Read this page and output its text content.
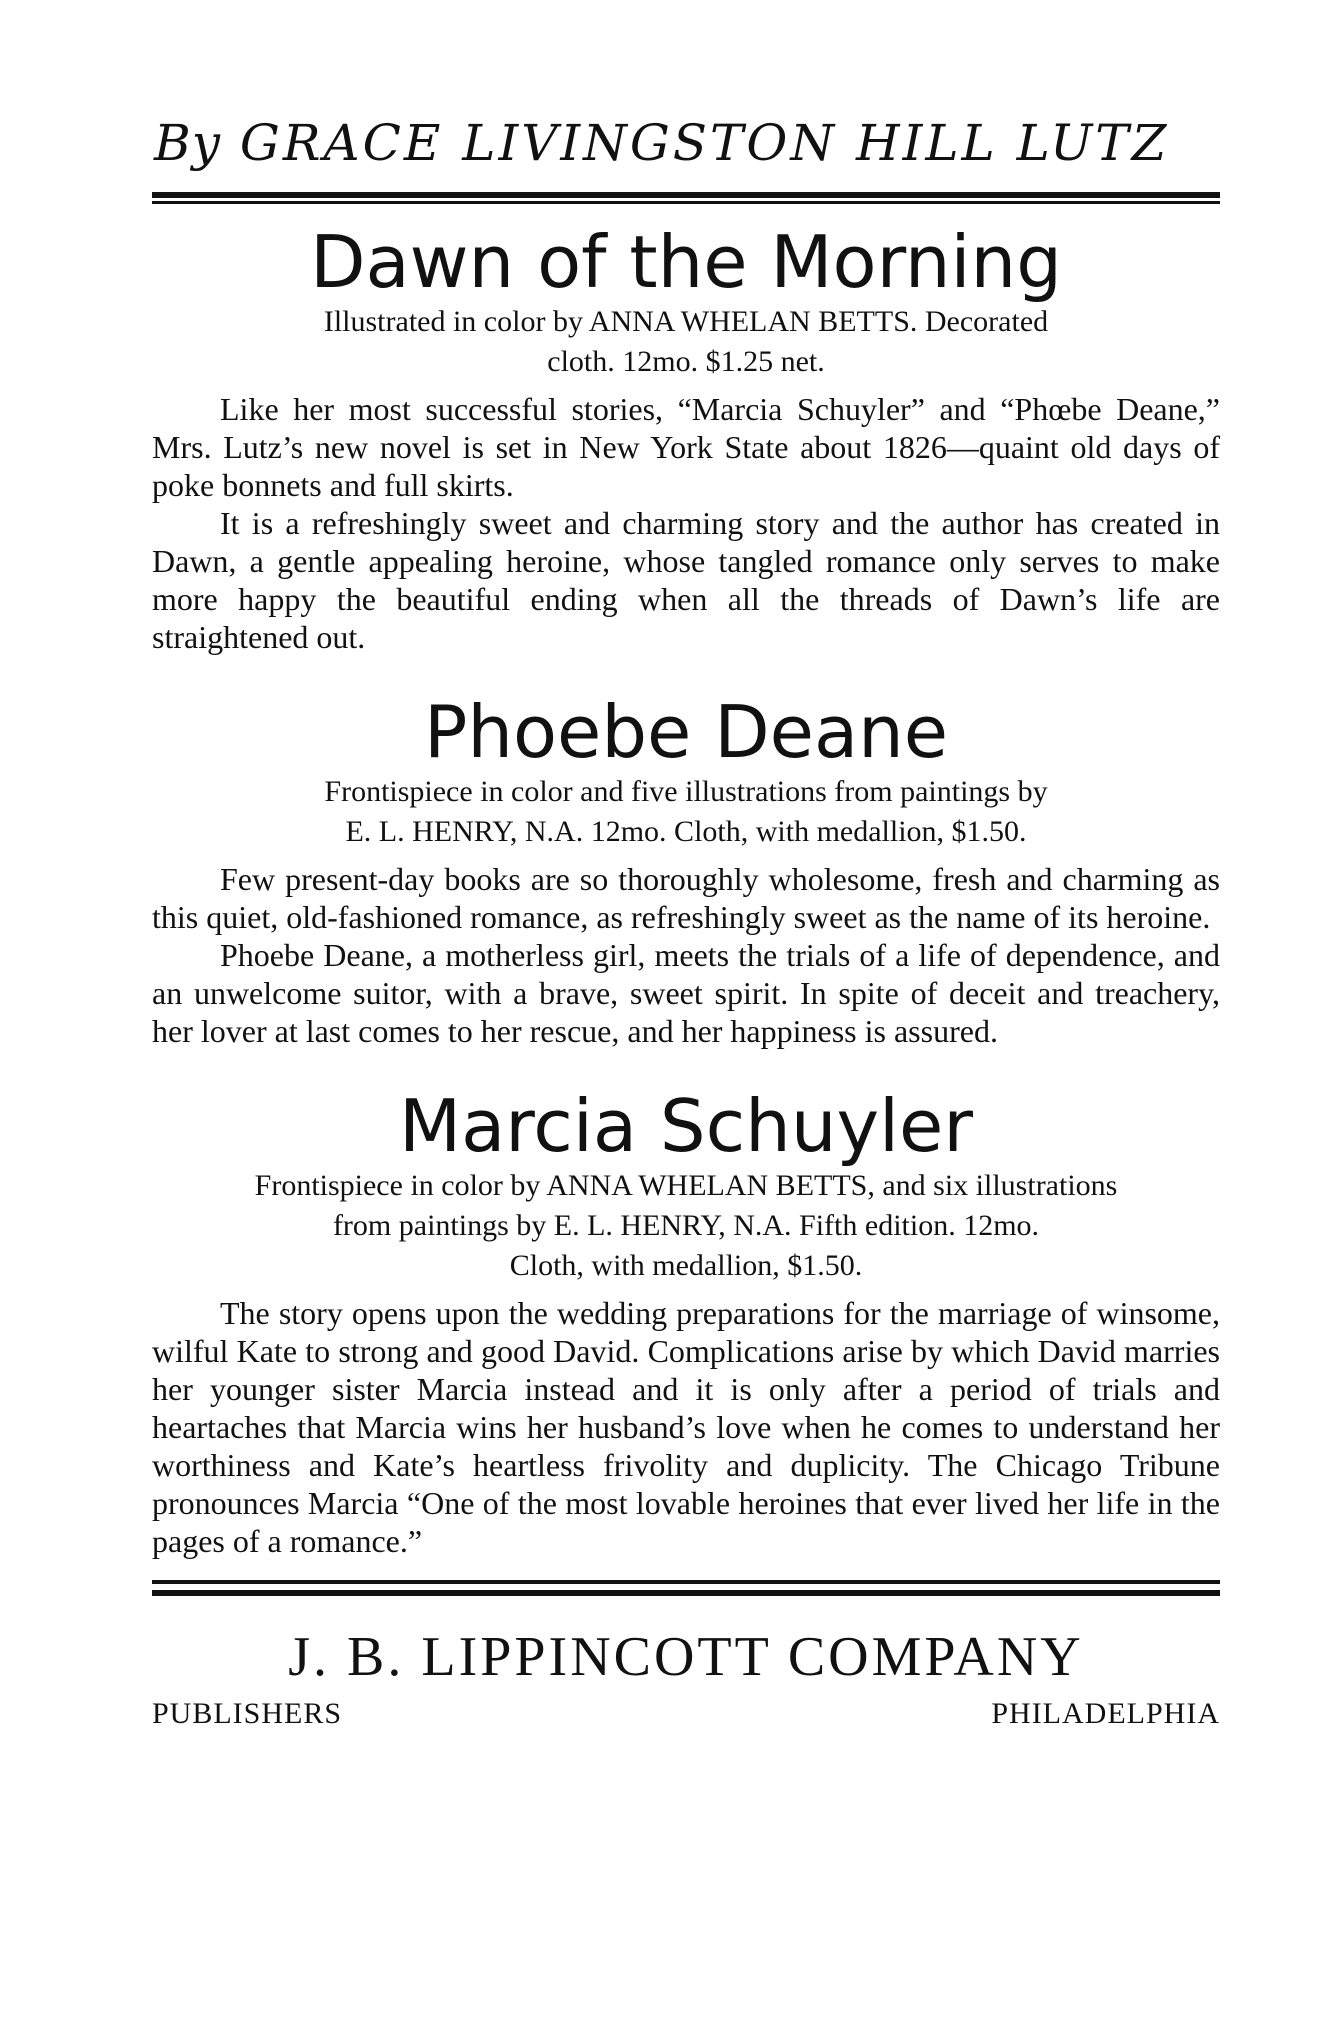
By GRACE LIVINGSTON HILL LUTZ
Dawn of the Morning
Illustrated in color by ANNA WHELAN BETTS. Decorated
cloth. 12mo. $1.25 net.

Like her most successful stories, “Marcia Schuyler” and “Phœbe Deane,” Mrs. Lutz’s new novel is set in New York State about 1826—quaint old days of poke bonnets and full skirts.

It is a refreshingly sweet and charming story and the author has created in Dawn, a gentle appealing heroine, whose tangled romance only serves to make more happy the beautiful ending when all the threads of Dawn’s life are straightened out.

Phoebe Deane
Frontispiece in color and five illustrations from paintings by
E. L. HENRY, N.A. 12mo. Cloth, with medallion, $1.50.

Few present-day books are so thoroughly wholesome, fresh and charming as this quiet, old-fashioned romance, as refreshingly sweet as the name of its heroine.

Phoebe Deane, a motherless girl, meets the trials of a life of dependence, and an unwelcome suitor, with a brave, sweet spirit. In spite of deceit and treachery, her lover at last comes to her rescue, and her happiness is assured.

Marcia Schuyler
Frontispiece in color by ANNA WHELAN BETTS, and six illustrations
from paintings by E. L. HENRY, N.A. Fifth edition. 12mo.
Cloth, with medallion, $1.50.

The story opens upon the wedding preparations for the marriage of winsome, wilful Kate to strong and good David. Complications arise by which David marries her younger sister Marcia instead and it is only after a period of trials and heartaches that Marcia wins her husband’s love when he comes to understand her worthiness and Kate’s heartless frivolity and duplicity. The Chicago Tribune pronounces Marcia “One of the most lovable heroines that ever lived her life in the pages of a romance.”

J. B. LIPPINCOTT COMPANY
PUBLISHERS	PHILADELPHIA
